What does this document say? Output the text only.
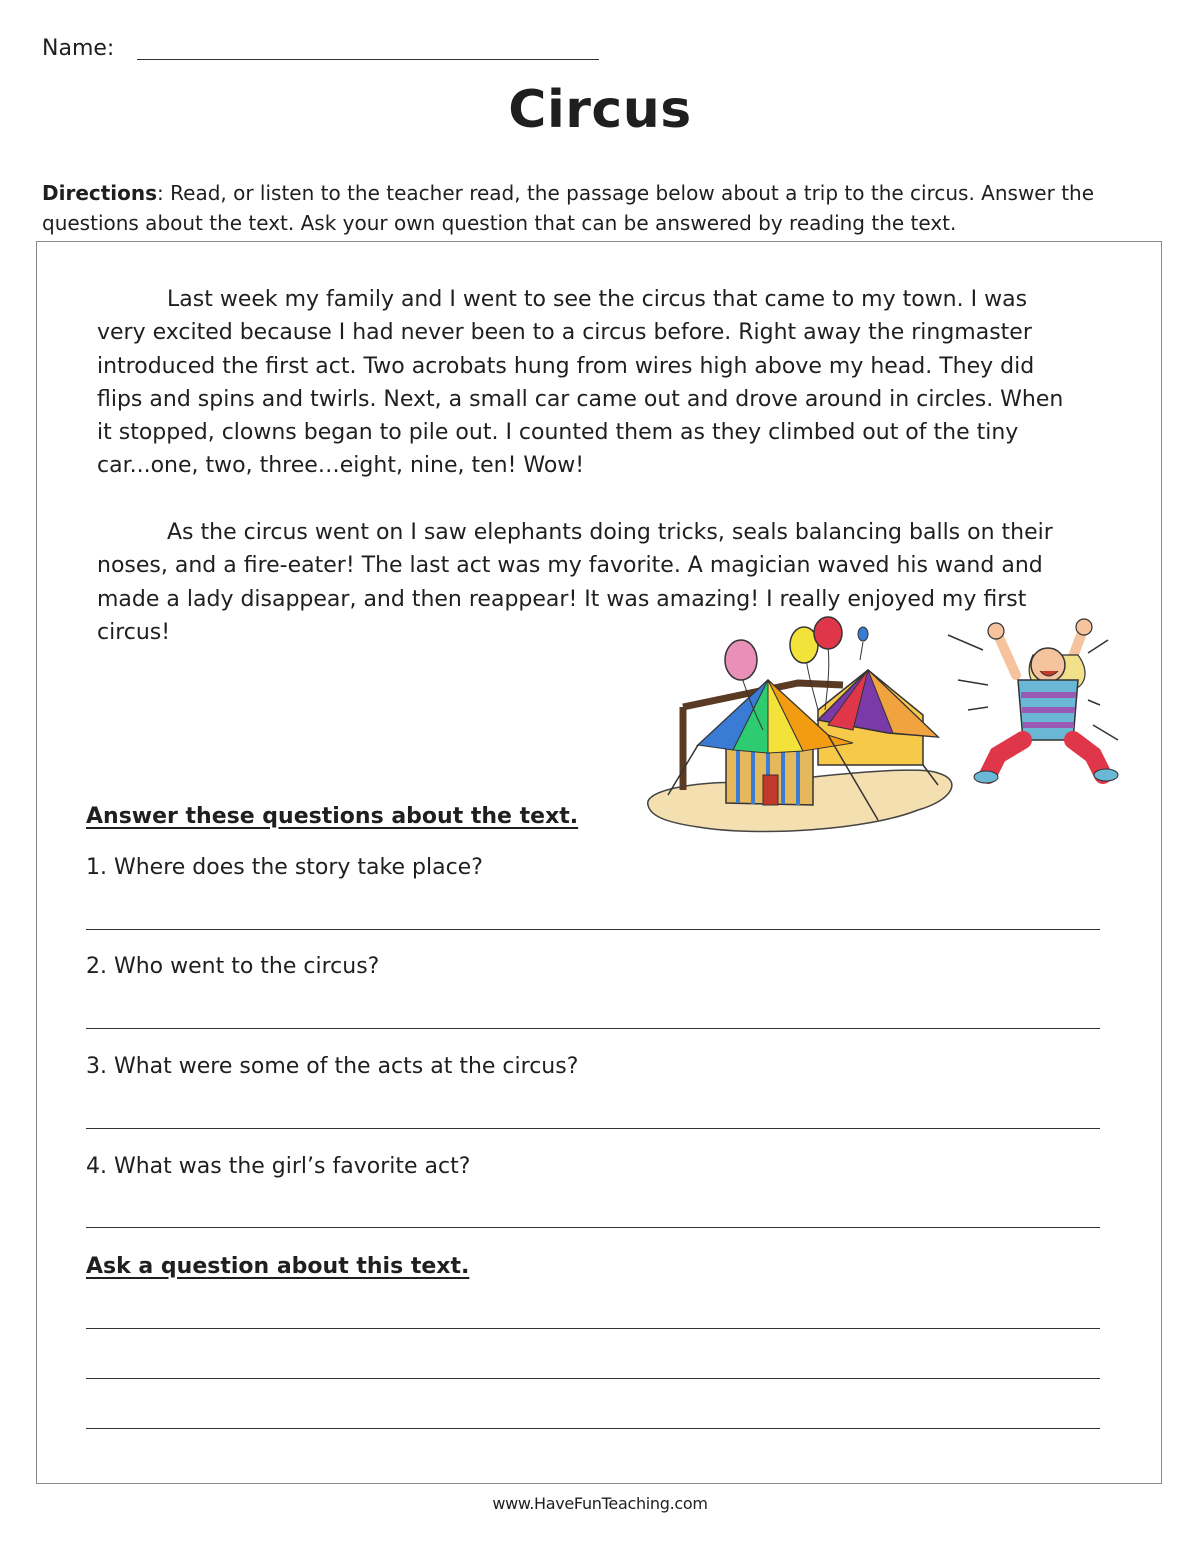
Name:
Circus
Directions: Read, or listen to the teacher read, the passage below about a trip to the circus. Answer the questions about the text. Ask your own question that can be answered by reading the text.
Last week my family and I went to see the circus that came to my town. I was very excited because I had never been to a circus before. Right away the ringmaster introduced the first act. Two acrobats hung from wires high above my head. They did flips and spins and twirls. Next, a small car came out and drove around in circles. When it stopped, clowns began to pile out. I counted them as they climbed out of the tiny car...one, two, three…eight, nine, ten! Wow!
As the circus went on I saw elephants doing tricks, seals balancing balls on their noses, and a fire-eater! The last act was my favorite. A magician waved his wand and made a lady disappear, and then reappear! It was amazing! I really enjoyed my first circus!
Answer these questions about the text.
1. Where does the story take place?
2. Who went to the circus?
3. What were some of the acts at the circus?
4. What was the girl’s favorite act?
Ask a question about this text.
www.HaveFunTeaching.com
